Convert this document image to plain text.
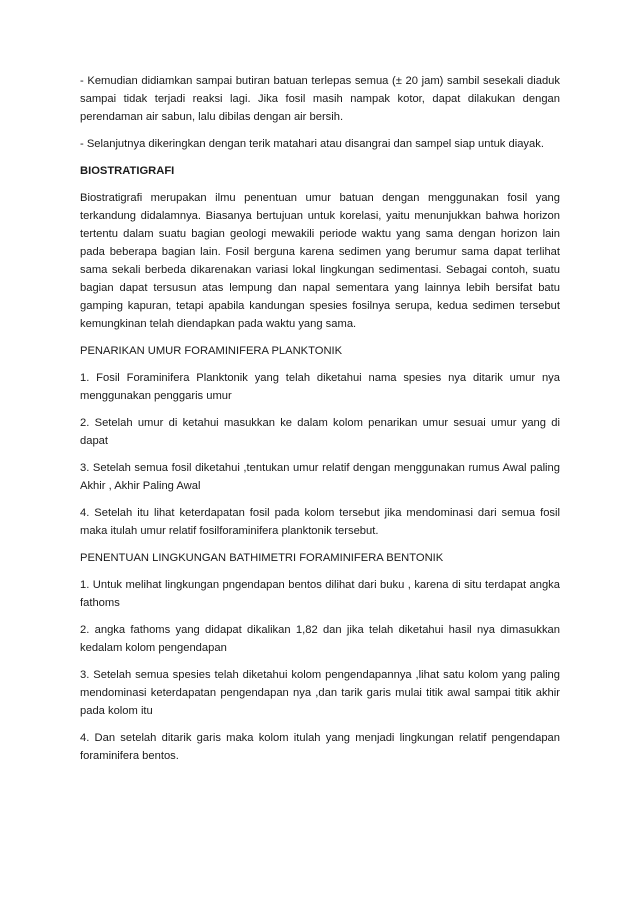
- Kemudian didiamkan sampai butiran batuan terlepas semua (± 20 jam) sambil sesekali diaduk sampai tidak terjadi reaksi lagi. Jika fosil masih nampak kotor, dapat dilakukan dengan perendaman air sabun, lalu dibilas dengan air bersih.

- Selanjutnya dikeringkan dengan terik matahari atau disangrai dan sampel siap untuk diayak.

BIOSTRATIGRAFI

Biostratigrafi merupakan ilmu penentuan umur batuan dengan menggunakan fosil yang terkandung didalamnya. Biasanya bertujuan untuk korelasi, yaitu menunjukkan bahwa horizon tertentu dalam suatu bagian geologi mewakili periode waktu yang sama dengan horizon lain pada beberapa bagian lain. Fosil berguna karena sedimen yang berumur sama dapat terlihat sama sekali berbeda dikarenakan variasi lokal lingkungan sedimentasi. Sebagai contoh, suatu bagian dapat tersusun atas lempung dan napal sementara yang lainnya lebih bersifat batu gamping kapuran, tetapi apabila kandungan spesies fosilnya serupa, kedua sedimen tersebut kemungkinan telah diendapkan pada waktu yang sama.

PENARIKAN UMUR FORAMINIFERA PLANKTONIK

1. Fosil Foraminifera Planktonik yang telah diketahui nama spesies nya ditarik umur nya menggunakan penggaris umur

2. Setelah umur di ketahui masukkan ke dalam kolom penarikan umur sesuai umur yang di dapat

3. Setelah semua fosil diketahui ,tentukan umur relatif dengan menggunakan rumus Awal paling Akhir , Akhir Paling Awal

4. Setelah itu lihat keterdapatan fosil pada kolom tersebut jika mendominasi dari semua fosil maka itulah umur relatif fosilforaminifera planktonik tersebut.

PENENTUAN LINGKUNGAN BATHIMETRI FORAMINIFERA BENTONIK

1. Untuk melihat lingkungan pngendapan bentos dilihat dari buku , karena di situ terdapat angka fathoms

2. angka fathoms yang didapat dikalikan 1,82 dan jika telah diketahui hasil nya dimasukkan kedalam kolom pengendapan

3. Setelah semua spesies telah diketahui kolom pengendapannya ,lihat satu kolom yang paling mendominasi keterdapatan pengendapan nya ,dan tarik garis mulai titik awal sampai titik akhir pada kolom itu

4. Dan setelah ditarik garis maka kolom itulah yang menjadi lingkungan relatif pengendapan foraminifera bentos.
